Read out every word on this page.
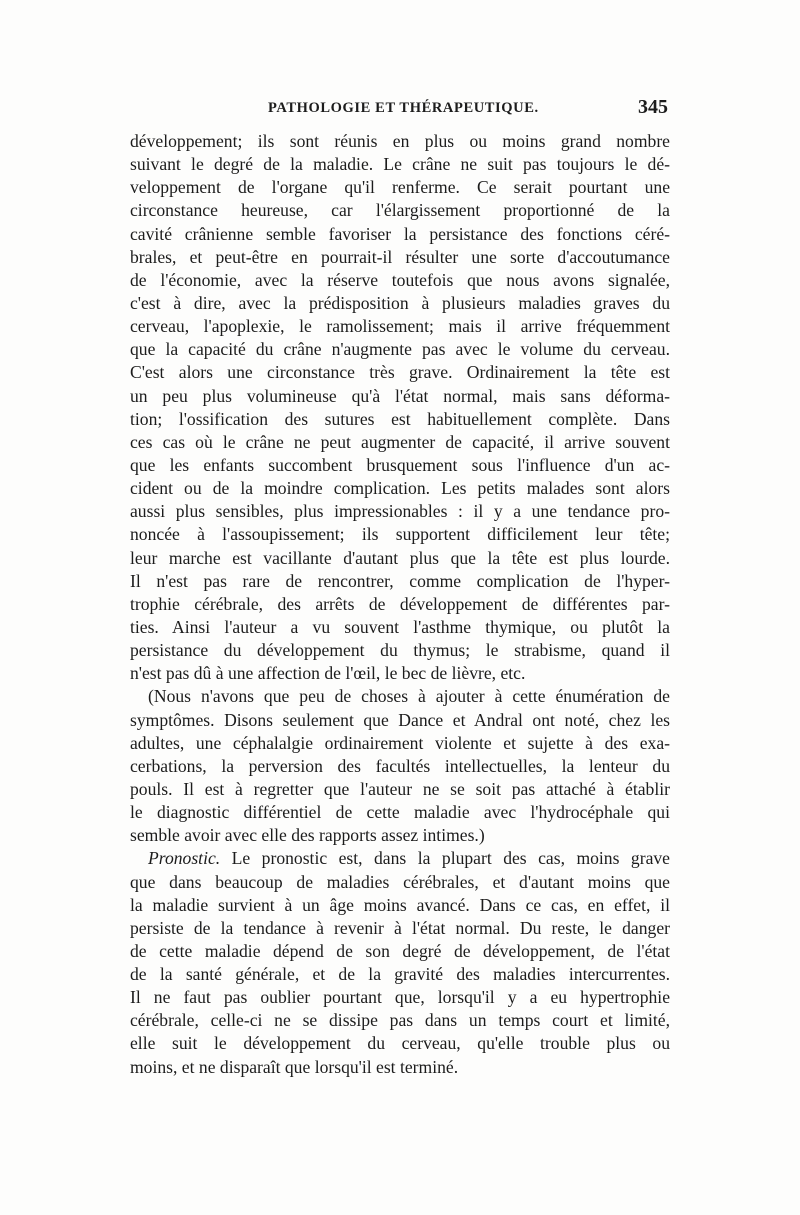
PATHOLOGIE ET THÉRAPEUTIQUE.	345
développement; ils sont réunis en plus ou moins grand nombre
suivant le degré de la maladie. Le crâne ne suit pas toujours le dé-
veloppement de l'organe qu'il renferme. Ce serait pourtant une
circonstance heureuse, car l'élargissement proportionné de la
cavité crânienne semble favoriser la persistance des fonctions céré-
brales, et peut-être en pourrait-il résulter une sorte d'accoutumance
de l'économie, avec la réserve toutefois que nous avons signalée,
c'est à dire, avec la prédisposition à plusieurs maladies graves du
cerveau, l'apoplexie, le ramolissement; mais il arrive fréquemment
que la capacité du crâne n'augmente pas avec le volume du cerveau.
C'est alors une circonstance très grave. Ordinairement la tête est
un peu plus volumineuse qu'à l'état normal, mais sans déforma-
tion; l'ossification des sutures est habituellement complète. Dans
ces cas où le crâne ne peut augmenter de capacité, il arrive souvent
que les enfants succombent brusquement sous l'influence d'un ac-
cident ou de la moindre complication. Les petits malades sont alors
aussi plus sensibles, plus impressionables : il y a une tendance pro-
noncée à l'assoupissement; ils supportent difficilement leur tête;
leur marche est vacillante d'autant plus que la tête est plus lourde.
Il n'est pas rare de rencontrer, comme complication de l'hyper-
trophie cérébrale, des arrêts de développement de différentes par-
ties. Ainsi l'auteur a vu souvent l'asthme thymique, ou plutôt la
persistance du développement du thymus; le strabisme, quand il
n'est pas dû à une affection de l'œil, le bec de lièvre, etc.
(Nous n'avons que peu de choses à ajouter à cette énumération de
symptômes. Disons seulement que Dance et Andral ont noté, chez les
adultes, une céphalalgie ordinairement violente et sujette à des exa-
cerbations, la perversion des facultés intellectuelles, la lenteur du
pouls. Il est à regretter que l'auteur ne se soit pas attaché à établir
le diagnostic différentiel de cette maladie avec l'hydrocéphale qui
semble avoir avec elle des rapports assez intimes.)
Pronostic. Le pronostic est, dans la plupart des cas, moins grave
que dans beaucoup de maladies cérébrales, et d'autant moins que
la maladie survient à un âge moins avancé. Dans ce cas, en effet, il
persiste de la tendance à revenir à l'état normal. Du reste, le danger
de cette maladie dépend de son degré de développement, de l'état
de la santé générale, et de la gravité des maladies intercurrentes.
Il ne faut pas oublier pourtant que, lorsqu'il y a eu hypertrophie
cérébrale, celle-ci ne se dissipe pas dans un temps court et limité,
elle suit le développement du cerveau, qu'elle trouble plus ou
moins, et ne disparaît que lorsqu'il est terminé.
